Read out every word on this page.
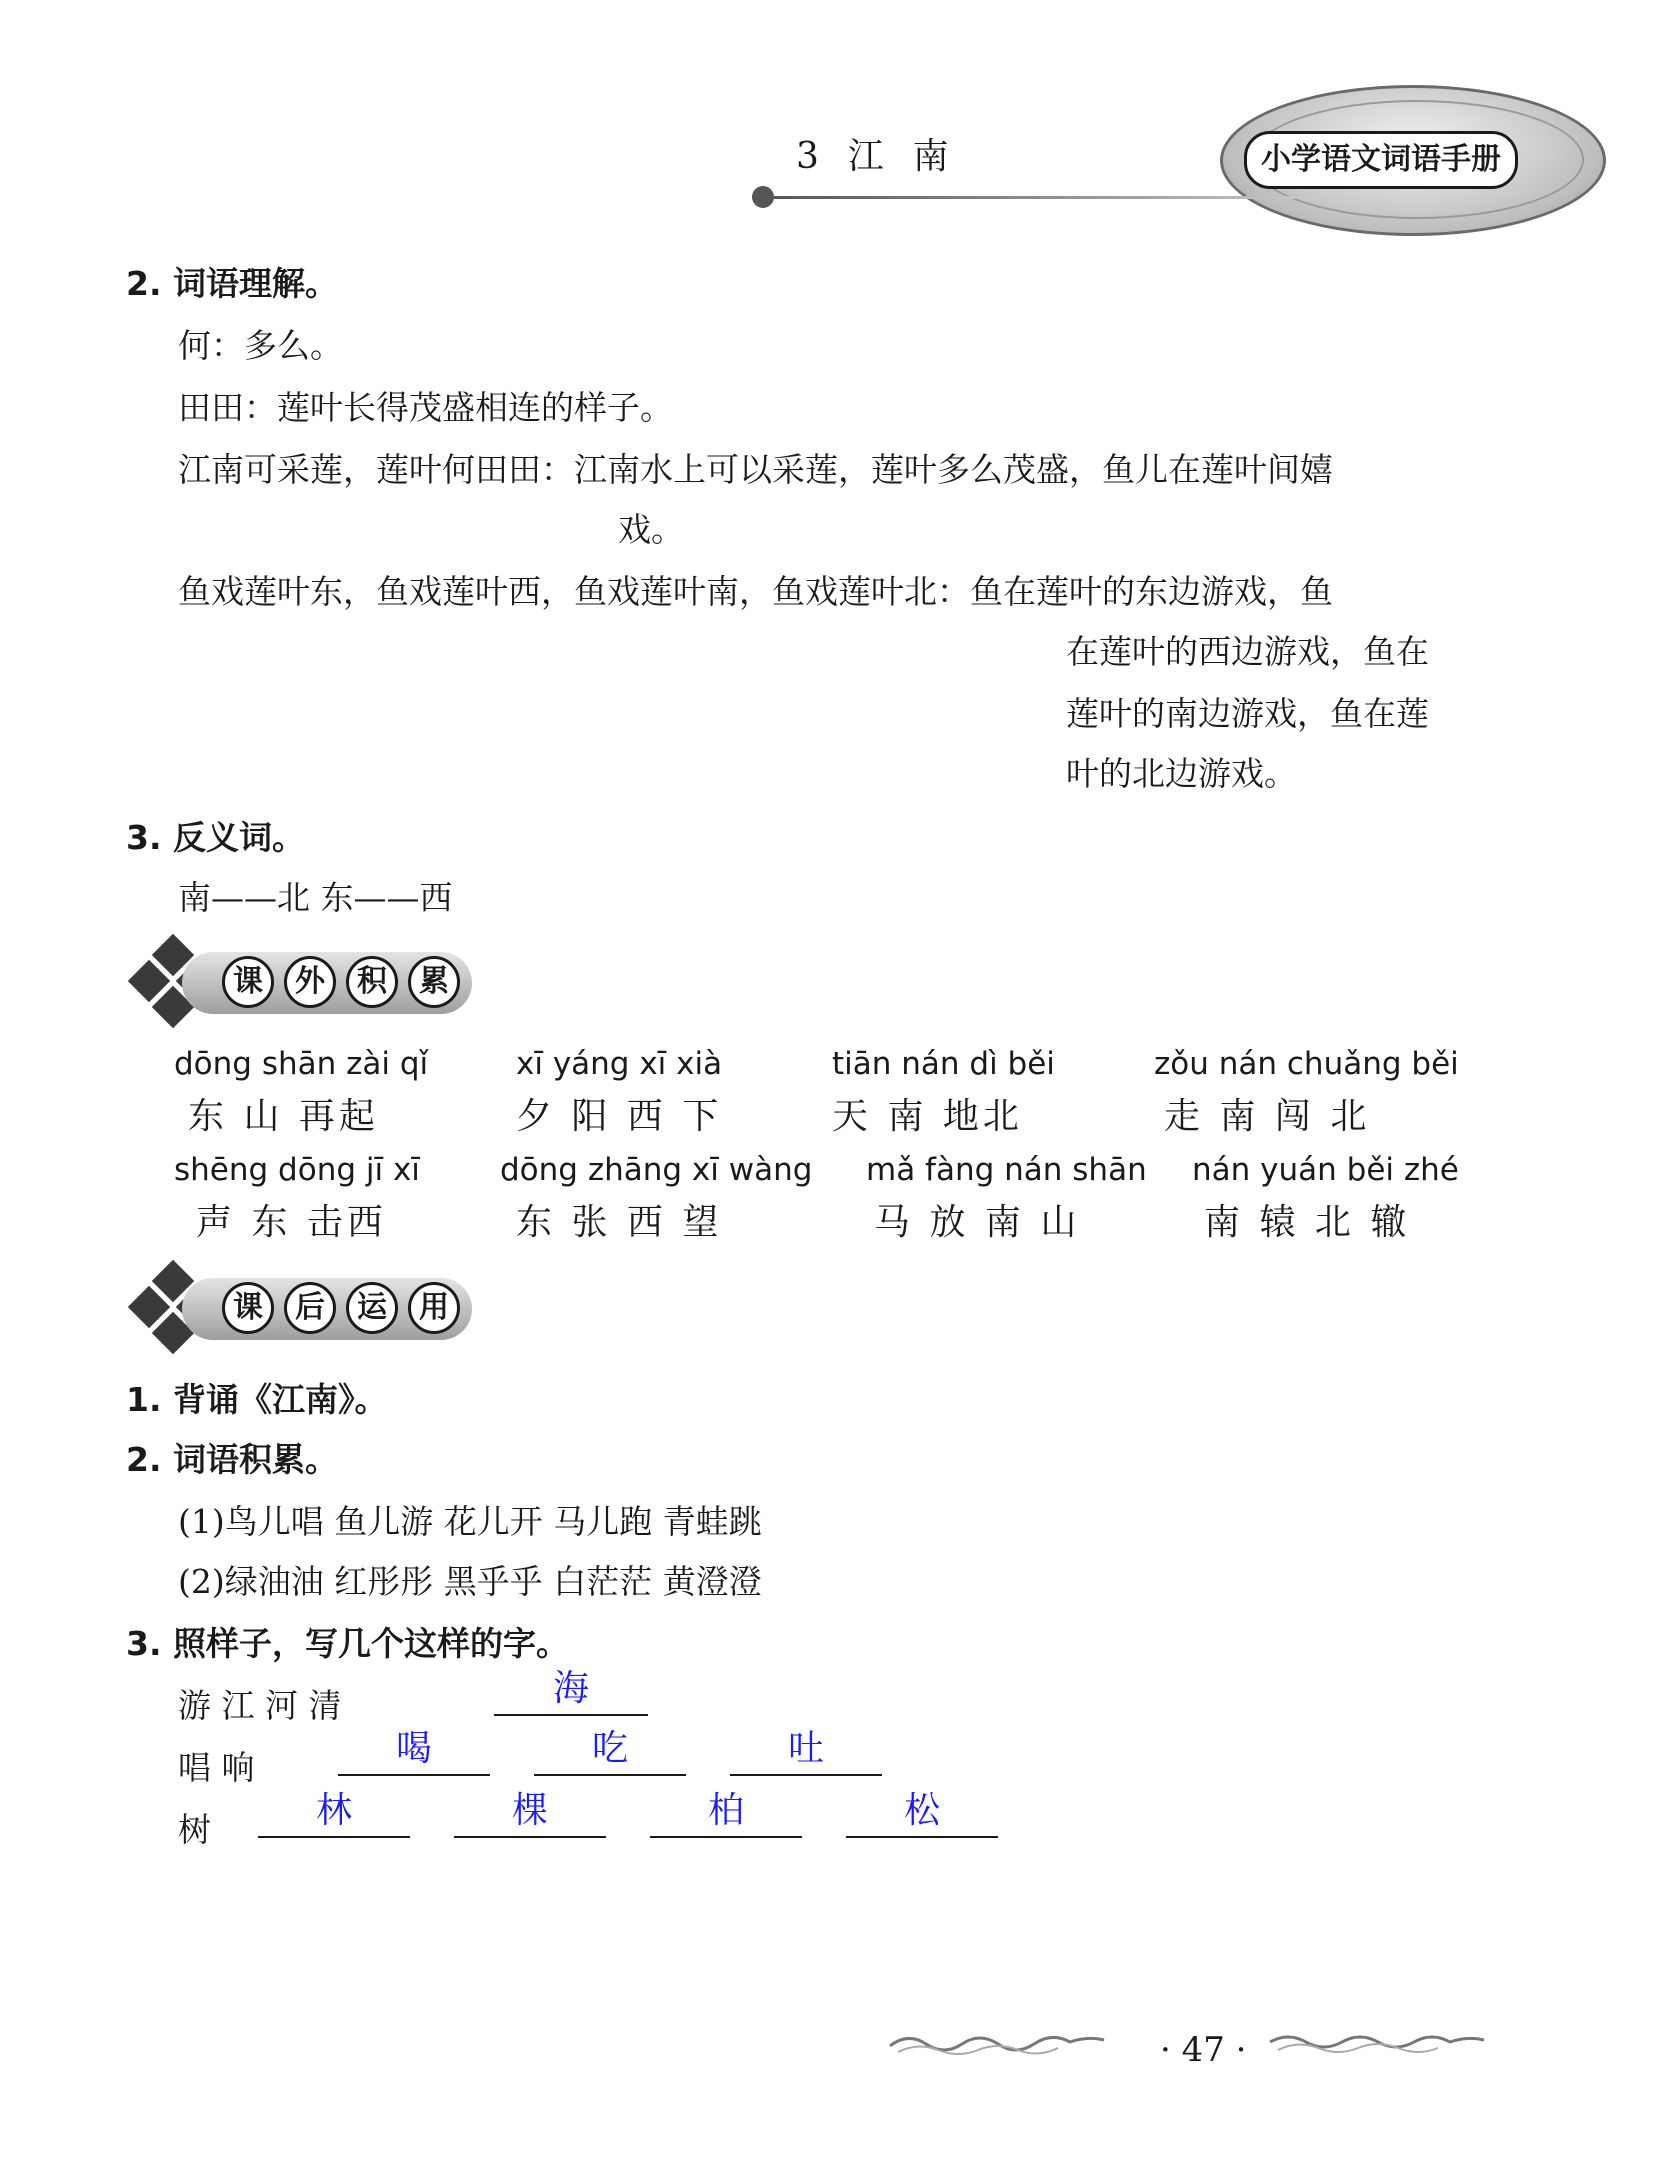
小学语文词语手册
3  江  南
2. 词语理解。
何：多么。
田田：莲叶长得茂盛相连的样子。
江南可采莲，莲叶何田田：江南水上可以采莲，莲叶多么茂盛，鱼儿在莲叶间嬉
戏。
鱼戏莲叶东，鱼戏莲叶西，鱼戏莲叶南，鱼戏莲叶北：鱼在莲叶的东边游戏，鱼
在莲叶的西边游戏，鱼在
莲叶的南边游戏，鱼在莲
叶的北边游戏。
3. 反义词。
南——北 东——西
课	外	积	累
dōng shān zài qǐ
东 山 再起
xī yáng xī xià
夕 阳 西 下
tiān nán dì běi
天 南 地北
zǒu nán chuǎng běi
走 南 闯 北
shēng dōng jī xī
声 东 击西
dōng zhāng xī wàng
东 张 西 望
mǎ fàng nán shān
马 放 南 山
nán yuán běi zhé
南 辕 北 辙
课	后	运	用
1. 背诵《江南》。
2. 词语积累。
(1)鸟儿唱 鱼儿游 花儿开 马儿跑 青蛙跳
(2)绿油油 红彤彤 黑乎乎 白茫茫 黄澄澄
3. 照样子，写几个这样的字。
游 江 河 清	海
唱 响	喝	吃	吐
树	林	棵	柏	松
· 47 ·
